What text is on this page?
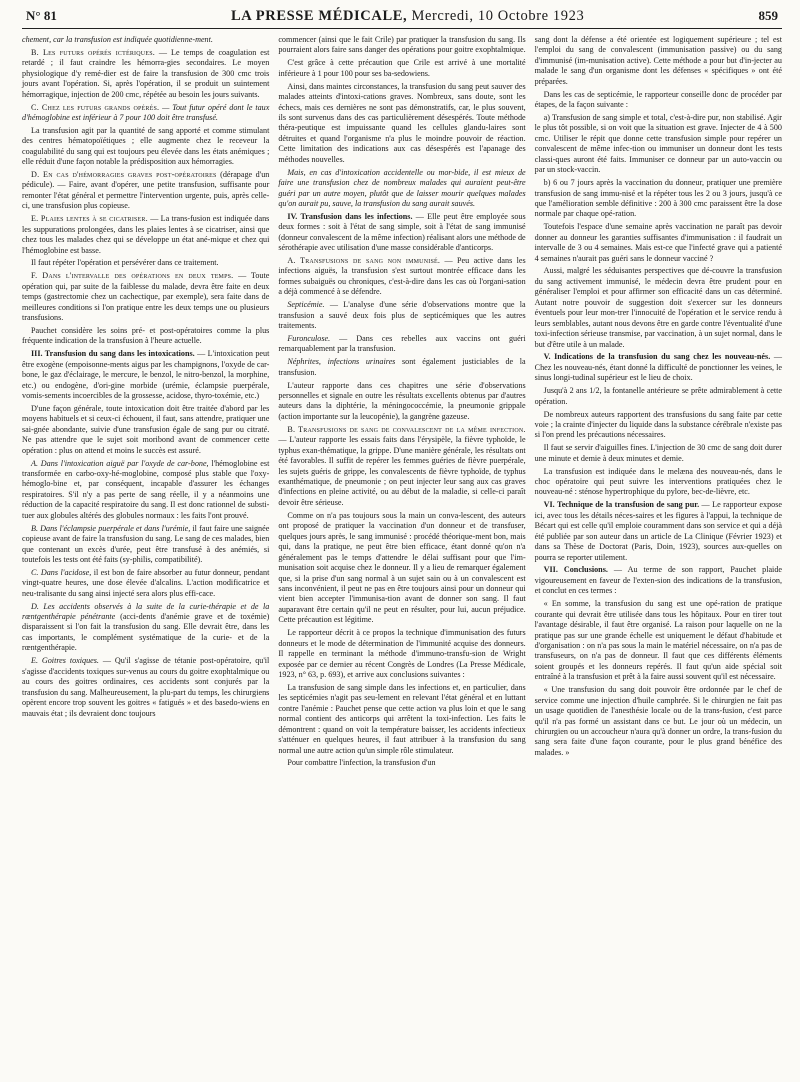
N° 81	LA PRESSE MÉDICALE, Mercredi, 10 Octobre 1923	859

chement, car la transfusion est indiquée quotidienne-ment.

B. Les futurs opérés ictériques. — Le temps de coagulation est retardé ; il faut craindre les hémorra-gies secondaires. Le moyen physiologique d'y remé-dier est de faire la transfusion de 300 cmc trois jours avant l'opération. Si, après l'opération, il se produit un suintement hémorragique, injection de 200 cmc, répétée au besoin les jours suivants.

C. Chez les futurs grands opérés. — Tout futur opéré dont le taux d'hémoglobine est inférieur à 7 pour 100 doit être transfusé.

La transfusion agit par la quantité de sang apporté et comme stimulant des centres hématopoïétiques ; elle augmente chez le receveur la coagulabilité du sang qui est toujours peu élevée dans les états anémiques ; elle réduit d'une façon notable la prédisposition aux hémorragies.

D. En cas d'hémorragies graves post-opératoires (dérapage d'un pédicule). — Faire, avant d'opérer, une petite transfusion, suffisante pour remonter l'état général et permettre l'intervention urgente, puis, après celle-ci, une transfusion plus copieuse.

E. Plaies lentes à se cicatriser. — La trans-fusion est indiquée dans les suppurations prolongées, dans les plaies lentes à se cicatriser, ainsi que chez tous les malades chez qui se développe un état ané-mique et chez qui l'hémoglobine est basse.

Il faut répéter l'opération et persévérer dans ce traitement.

F. Dans l'intervalle des opérations en deux temps. — Toute opération qui, par suite de la faiblesse du malade, devra être faite en deux temps (gastrectomie chez un cachectique, par exemple), sera faite dans de meilleures conditions si l'on pratique entre les deux temps une ou plusieurs transfusions.

Pauchet considère les soins pré- et post-opératoires comme la plus fréquente indication de la transfusion à l'heure actuelle.

III. Transfusion du sang dans les intoxications. — L'intoxication peut être exogène (empoisonne-ments aigus par les champignons, l'oxyde de car-bone, le gaz d'éclairage, le mercure, le benzol, le nitro-benzol, la morphine, etc.) ou endogène, d'ori-gine morbide (urémie, éclampsie puerpérale, vomis-sements incoercibles de la grossesse, acidose, thyro-toxémie, etc.)

D'une façon générale, toute intoxication doit être traitée d'abord par les moyens habituels et si ceux-ci échouent, il faut, sans attendre, pratiquer une sai-gnée abondante, suivie d'une transfusion égale de sang pur ou citraté. Ne pas attendre que le sujet soit moribond avant de commencer cette opération : plus on attend et moins le succès est assuré.

A. Dans l'intoxication aiguë par l'oxyde de car-bone, l'hémoglobine est transformée en carbo-oxy-hé-moglobine, composé plus stable que l'oxy-hémoglo-bine et, par conséquent, incapable d'assurer les échanges respiratoires. S'il n'y a pas perte de sang réelle, il y a néanmoins une réduction de la capacité respiratoire du sang. Il est donc rationnel de substi-tuer aux globules altérés des globules normaux : les faits l'ont prouvé.

B. Dans l'éclampsie puerpérale et dans l'urémie, il faut faire une saignée copieuse avant de faire la transfusion du sang. Le sang de ces malades, bien que contenant un excès d'urée, peut être transfusé à des anémiés, si toutefois les tests ont été faits (sy-philis, compatibilité).

C. Dans l'acidose, il est bon de faire absorber au futur donneur, pendant vingt-quatre heures, une dose élevée d'alcalins. L'action modificatrice et neu-tralisante du sang ainsi injecté sera alors plus effi-cace.

D. Les accidents observés à la suite de la curie-thérapie et de la rœntgenthérapie pénétrante (acci-dents d'anémie grave et de toxémie) disparaissent si l'on fait la transfusion du sang. Elle devrait être, dans les cas importants, le complément systématique de la curie- et de la rœntgenthérapie.

E. Goitres toxiques. — Qu'il s'agisse de tétanie post-opératoire, qu'il s'agisse d'accidents toxiques sur-venus au cours du goitre exophtalmique ou au cours des goitres ordinaires, ces accidents sont conjurés par la transfusion du sang. Malheureusement, la plu-part du temps, les chirurgiens opèrent encore trop souvent les goitres « fatigués » et des basedo-wiens en mauvais état ; ils devraient donc toujours

commencer (ainsi que le fait Crile) par pratiquer la transfusion du sang. Ils pourraient alors faire sans danger des opérations pour goitre exophtalmique.

C'est grâce à cette précaution que Crile est arrivé à une mortalité inférieure à 1 pour 100 pour ses ba-sedowiens.

Ainsi, dans maintes circonstances, la transfusion du sang peut sauver des malades atteints d'intoxi-cations graves. Nombreux, sans doute, sont les échecs, mais ces dernières ne sont pas démonstratifs, car, le plus souvent, ils sont survenus dans des cas particulièrement désespérés. Toute méthode théra-peutique est impuissante quand les cellules glandu-laires sont détruites et quand l'organisme n'a plus le moindre pouvoir de réaction. Cette limitation des indications aux cas désespérés est l'apanage des méthodes nouvelles.

Mais, en cas d'intoxication accidentelle ou mor-bide, il est mieux de faire une transfusion chez de nombreux malades qui auraient peut-être guéri par un autre moyen, plutôt que de laisser mourir quelques malades qu'on aurait pu, sauve, la transfusion du sang aurait sauvés.

IV. Transfusion dans les infections. — Elle peut être employée sous deux formes : soit à l'état de sang simple, soit à l'état de sang immunisé (donneur convalescent de la même infection) réalisant alors une méthode de sérothérapie avec utilisation d'une masse considérable d'anticorps.

A. Transfusions de sang non immunisé. — Peu active dans les infections aiguës, la transfusion s'est surtout montrée efficace dans les formes subaiguës ou chroniques, c'est-à-dire dans les cas où l'organi-sation a déjà commencé à se défendre.

Septicémie. — L'analyse d'une série d'observations montre que la transfusion a sauvé deux fois plus de septicémiques que les autres traitements.

Furonculose. — Dans ces rebelles aux vaccins ont guéri remarquablement par la transfusion.

Néphrites, infections urinaires sont également justiciables de la transfusion.

L'auteur rapporte dans ces chapitres une série d'observations personnelles et signale en outre les résultats excellents obtenus par d'autres auteurs dans la diphtérie, la méningococcémie, la pneumonie grippale (action importante sur la leucopénie), la gangrène gazeuse.

B. Transfusions de sang de convalescent de la même infection. — L'auteur rapporte les essais faits dans l'érysipèle, la fièvre typhoïde, le typhus exan-thématique, la grippe. D'une manière générale, les résultats ont été favorables. Il suffit de repérer les femmes guéries de fièvre puerpérale, les sujets guéris de grippe, les convalescents de fièvre typhoïde, de typhus exanthématique, de pneumonie ; on peut injecter leur sang aux cas graves d'infections en pleine activité, ou au début de la maladie, si celle-ci paraît devoir être sérieuse.

Comme on n'a pas toujours sous la main un conva-lescent, des auteurs ont proposé de pratiquer la vaccination d'un donneur et de transfuser, quelques jours après, le sang immunisé : procédé théorique-ment bon, mais qui, dans la pratique, ne peut être bien efficace, étant donné qu'on n'a généralement pas le temps d'attendre le délai suffisant pour que l'im-munisation soit acquise chez le donneur. Il y a lieu de remarquer également que, si la prise d'un sang normal à un sujet sain ou à un convalescent est sans inconvénient, il peut ne pas en être toujours ainsi pour un donneur qui vient bien accepter l'immunisa-tion avant de donner son sang. Il faut auparavant être certain qu'il ne peut en résulter, pour lui, aucun préjudice. Cette précaution est légitime.

Le rapporteur décrit à ce propos la technique d'immunisation des futurs donneurs et le mode de détermination de l'immunité acquise des donneurs. Il rappelle en terminant la méthode d'immuno-transfu-sion de Wright exposée par ce dernier au récent Congrès de Londres (La Presse Médicale, 1923, n° 63, p. 693), et arrive aux conclusions suivantes :

La transfusion de sang simple dans les infections et, en particulier, dans les septicémies n'agit pas seu-lement en relevant l'état général et en luttant contre l'anémie : Pauchet pense que cette action va plus loin et que le sang normal contient des anticorps qui arrêtent la toxi-infection. Les faits le démontrent : quand on voit la température baisser, les accidents infectieux s'atténuer en quelques heures, il faut attribuer à la transfusion du sang normal une autre action qu'un simple rôle stimulateur.

Pour combattre l'infection, la transfusion d'un

sang dont la défense a été orientée est logiquement supérieure ; tel est l'emploi du sang de convalescent (immunisation passive) ou du sang d'immunisé (im-munisation active). Cette méthode a pour but d'in-jecter au malade le sang d'un organisme dont les défenses « spécifiques » ont été préparées.

Dans les cas de septicémie, le rapporteur conseille donc de procéder par étapes, de la façon suivante :

a) Transfusion de sang simple et total, c'est-à-dire pur, non stabilisé. Agir le plus tôt possible, si on voit que la situation est grave. Injecter de 4 à 500 cmc. Utiliser le répit que donne cette transfusion simple pour repérer un convalescent de même infec-tion ou immuniser un donneur dont les tests classi-ques auront été faits. Immuniser ce donneur par un auto-vaccin ou par un stock-vaccin.

b) 6 ou 7 jours après la vaccination du donneur, pratiquer une première transfusion de sang immu-nisé et la répéter tous les 2 ou 3 jours, jusqu'à ce que l'amélioration semble définitive : 200 à 300 cmc paraissent être la dose normale par chaque opé-ration.

Toutefois l'espace d'une semaine après vaccination ne paraît pas devoir donner au donneur les garanties suffisantes d'immunisation : il faudrait un intervalle de 3 ou 4 semaines. Mais est-ce que l'infecté grave qui a patienté 4 semaines n'aurait pas guéri sans le donneur vacciné ?

Aussi, malgré les séduisantes perspectives que dé-couvre la transfusion du sang activement immunisé, le médecin devra être prudent pour en généraliser l'emploi et pour affirmer son efficacité dans un cas déterminé. Autant notre pouvoir de suggestion doit s'exercer sur les donneurs éventuels pour leur mon-trer l'innocuité de l'opération et le service rendu à leurs semblables, autant nous devons être en garde contre l'éventualité d'une toxi-infection sérieuse transmise, par vaccination, à un sujet normal, dans le but d'être utile à un malade.

V. Indications de la transfusion du sang chez les nouveau-nés. — Chez les nouveau-nés, étant donné la difficulté de ponctionner les veines, le sinus longi-tudinal supérieur est le lieu de choix.

Jusqu'à 2 ans 1/2, la fontanelle antérieure se prête admirablement à cette opération.

De nombreux auteurs rapportent des transfusions du sang faite par cette voie ; la crainte d'injecter du liquide dans la substance cérébrale n'existe pas si l'on prend les précautions nécessaires.

Il faut se servir d'aiguilles fines. L'injection de 30 cmc de sang doit durer une minute et demie à deux minutes et demie.

La transfusion est indiquée dans le melæna des nouveau-nés, dans le choc opératoire qui peut suivre les interventions pratiquées chez le nouveau-né : sténose hypertrophique du pylore, bec-de-lièvre, etc.

VI. Technique de la transfusion de sang pur. — Le rapporteur expose ici, avec tous les détails néces-saires et les figures à l'appui, la technique de Bécart qui est celle qu'il emploie couramment dans son service et qui a déjà été publiée par son auteur dans un article de La Clinique (Février 1923) et dans sa Thèse de Doctorat (Paris, Doin, 1923), sources aux-quelles on pourra se reporter utilement.

VII. Conclusions. — Au terme de son rapport, Pauchet plaide vigoureusement en faveur de l'exten-sion des indications de la transfusion, et conclut en ces termes :

« En somme, la transfusion du sang est une opé-ration de pratique courante qui devrait être utilisée dans tous les hôpitaux. Pour en tirer tout l'avantage désirable, il faut être organisé. La raison pour laquelle on ne la pratique pas sur une grande échelle est uniquement le défaut d'habitude et d'organisation : on n'a pas sous la main le matériel nécessaire, on n'a pas de transfuseurs, on n'a pas de donneur. Il faut que ces différents éléments soient groupés et les donneurs repérés. Il faut qu'un aide spécial soit entraîné à la transfusion et prêt à la faire aussi souvent qu'il est nécessaire.

« Une transfusion du sang doit pouvoir être ordonnée par le chef de service comme une injection d'huile camphrée. Si le chirurgien ne fait pas un usage quotidien de l'anesthésie locale ou de la trans-fusion, c'est parce qu'il n'a pas formé un assistant dans ce but. Le jour où un médecin, un chirurgien ou un accoucheur n'aura qu'à donner un ordre, la trans-fusion du sang sera faite d'une façon courante, pour le plus grand bénéfice des malades. »
